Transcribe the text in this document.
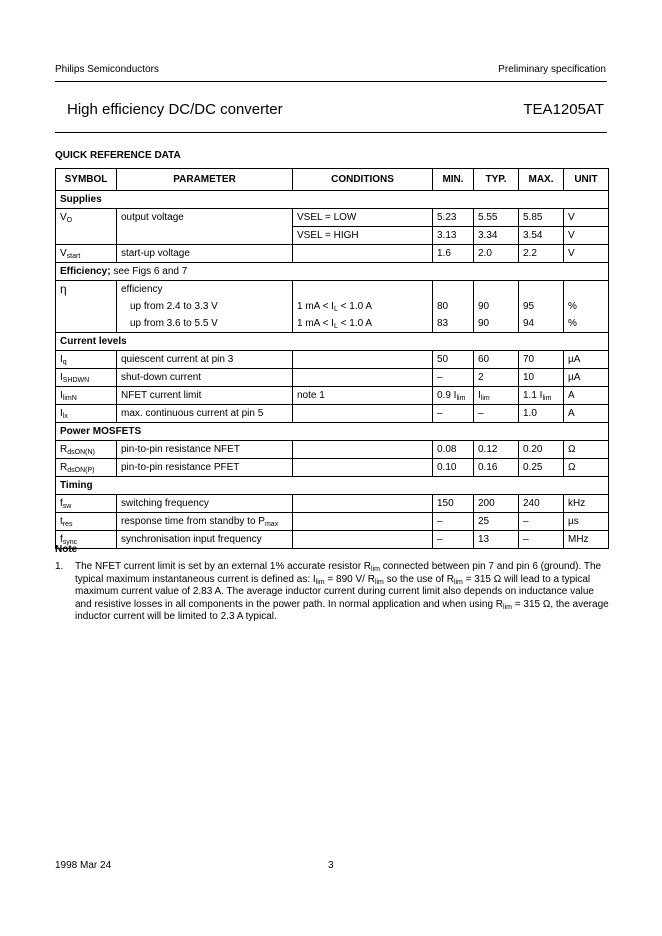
Philips Semiconductors	Preliminary specification
High efficiency DC/DC converter	TEA1205AT
QUICK REFERENCE DATA
SYMBOL	PARAMETER	CONDITIONS	MIN.	TYP.	MAX.	UNIT
Supplies						
$V_O$	output voltage	VSEL = LOW	5.23	5.55	5.85	V
		VSEL = HIGH	3.13	3.34	3.54	V
$V_{start}$	start-up voltage		1.6	2.0	2.2	V
Efficiency; see Figs 6 and 7						
η	efficiency					
	up from 2.4 to 3.3 V	1 mA < $I_L < 1.0$ A	80	90	95	%
	up from 3.6 to 5.5 V	1 mA < $I_L < 1.0$ A	83	90	94	%
Current levels						
$I_q$	quiescent current at pin 3		50	60	70	µA
$I_{SHDWN}$	shut-down current		–	2	10	µA
$I_{limN}$	NFET current limit	note 1	0.9 $I_{lim}$	$I_{lim}$	1.1 $I_{lim}$	A
$I_{lx}$	max. continuous current at pin 5		–	–	1.0	A
Power MOSFETS						
$R_{dsON(N)}$	pin-to-pin resistance NFET		0.08	0.12	0.20	Ω
$R_{dsON(P)}$	pin-to-pin resistance PFET		0.10	0.16	0.25	Ω
Timing						
$f_{sw}$	switching frequency		150	200	240	kHz
$t_{res}$	response time from standby to $P_{max}$		–	25	–	µs
$f_{sync}$	synchronisation input frequency		–	13	–	MHz
Note
1. The NFET current limit is set by an external 1% accurate resistor $R_{lim}$ connected between pin 7 and pin 6 (ground). The typical maximum instantaneous current is defined as: $I_{lim} = 890$ V/ $R_{lim}$ so the use of $R_{lim} = 315$ Ω will lead to a typical maximum current value of 2.83 A. The average inductor current during current limit also depends on inductance value and resistive losses in all components in the power path. In normal application and when using $R_{lim} = 315$ Ω, the average inductor current will be limited to 2.3 A typical.
1998 Mar 24	3
